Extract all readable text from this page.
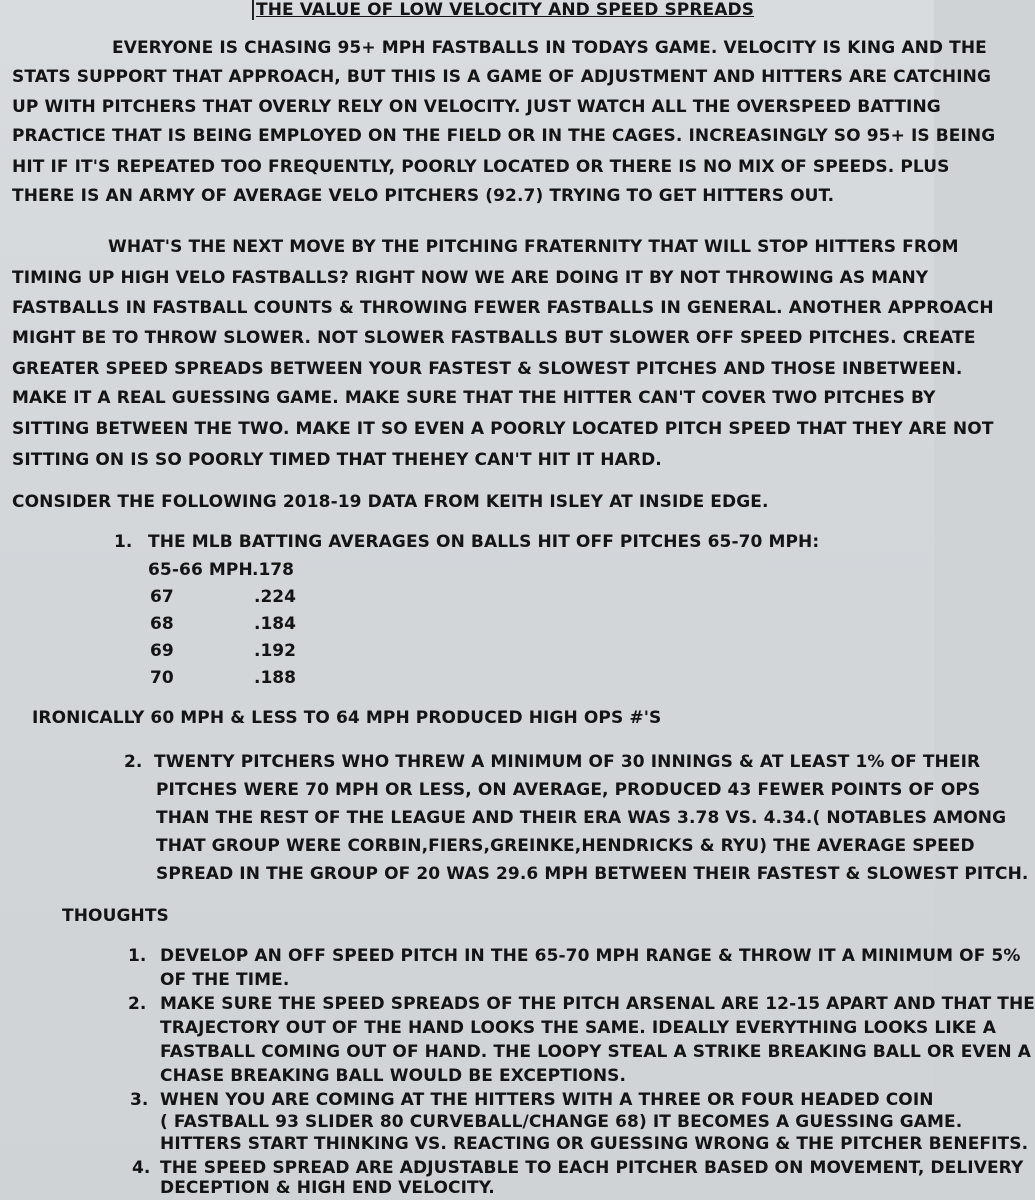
THE VALUE OF LOW VELOCITY AND SPEED SPREADS
EVERYONE IS CHASING 95+ MPH FASTBALLS IN TODAYS GAME. VELOCITY IS KING AND THE
STATS SUPPORT THAT APPROACH, BUT THIS IS A GAME OF ADJUSTMENT AND HITTERS ARE CATCHING
UP WITH PITCHERS THAT OVERLY RELY ON VELOCITY. JUST WATCH ALL THE OVERSPEED BATTING
PRACTICE THAT IS BEING EMPLOYED ON THE FIELD OR IN THE CAGES. INCREASINGLY SO 95+ IS BEING
HIT IF IT'S REPEATED TOO FREQUENTLY, POORLY LOCATED OR THERE IS NO MIX OF SPEEDS. PLUS
THERE IS AN ARMY OF AVERAGE VELO PITCHERS (92.7) TRYING TO GET HITTERS OUT.
WHAT'S THE NEXT MOVE BY THE PITCHING FRATERNITY THAT WILL STOP HITTERS FROM
TIMING UP HIGH VELO FASTBALLS? RIGHT NOW WE ARE DOING IT BY NOT THROWING AS MANY
FASTBALLS IN FASTBALL COUNTS & THROWING FEWER FASTBALLS IN GENERAL. ANOTHER APPROACH
MIGHT BE TO THROW SLOWER. NOT SLOWER FASTBALLS BUT SLOWER OFF SPEED PITCHES. CREATE
GREATER SPEED SPREADS BETWEEN YOUR FASTEST & SLOWEST PITCHES AND THOSE INBETWEEN.
MAKE IT A REAL GUESSING GAME. MAKE SURE THAT THE HITTER CAN'T COVER TWO PITCHES BY
SITTING BETWEEN THE TWO. MAKE IT SO EVEN A POORLY LOCATED PITCH SPEED THAT THEY ARE NOT
SITTING ON IS SO POORLY TIMED THAT THEHEY CAN'T HIT IT HARD.
CONSIDER THE FOLLOWING 2018-19 DATA FROM KEITH ISLEY AT INSIDE EDGE.
1. THE MLB BATTING AVERAGES ON BALLS HIT OFF PITCHES 65-70 MPH:
65-66 MPH .178
67	.224
68	.184
69	.192
70	.188
IRONICALLY 60 MPH & LESS TO 64 MPH PRODUCED HIGH OPS #'S
2. TWENTY PITCHERS WHO THREW A MINIMUM OF 30 INNINGS & AT LEAST 1% OF THEIR
PITCHES WERE 70 MPH OR LESS, ON AVERAGE, PRODUCED 43 FEWER POINTS OF OPS
THAN THE REST OF THE LEAGUE AND THEIR ERA WAS 3.78 VS. 4.34.( NOTABLES AMONG
THAT GROUP WERE CORBIN,FIERS,GREINKE,HENDRICKS & RYU) THE AVERAGE SPEED
SPREAD IN THE GROUP OF 20 WAS 29.6 MPH BETWEEN THEIR FASTEST & SLOWEST PITCH.
THOUGHTS
1. DEVELOP AN OFF SPEED PITCH IN THE 65-70 MPH RANGE & THROW IT A MINIMUM OF 5%
OF THE TIME.
2. MAKE SURE THE SPEED SPREADS OF THE PITCH ARSENAL ARE 12-15 APART AND THAT THE
TRAJECTORY OUT OF THE HAND LOOKS THE SAME. IDEALLY EVERYTHING LOOKS LIKE A
FASTBALL COMING OUT OF HAND. THE LOOPY STEAL A STRIKE BREAKING BALL OR EVEN A
CHASE BREAKING BALL WOULD BE EXCEPTIONS.
3. WHEN YOU ARE COMING AT THE HITTERS WITH A THREE OR FOUR HEADED COIN
( FASTBALL 93 SLIDER 80 CURVEBALL/CHANGE 68) IT BECOMES A GUESSING GAME.
HITTERS START THINKING VS. REACTING OR GUESSING WRONG & THE PITCHER BENEFITS.
4. THE SPEED SPREAD ARE ADJUSTABLE TO EACH PITCHER BASED ON MOVEMENT, DELIVERY
DECEPTION & HIGH END VELOCITY.
